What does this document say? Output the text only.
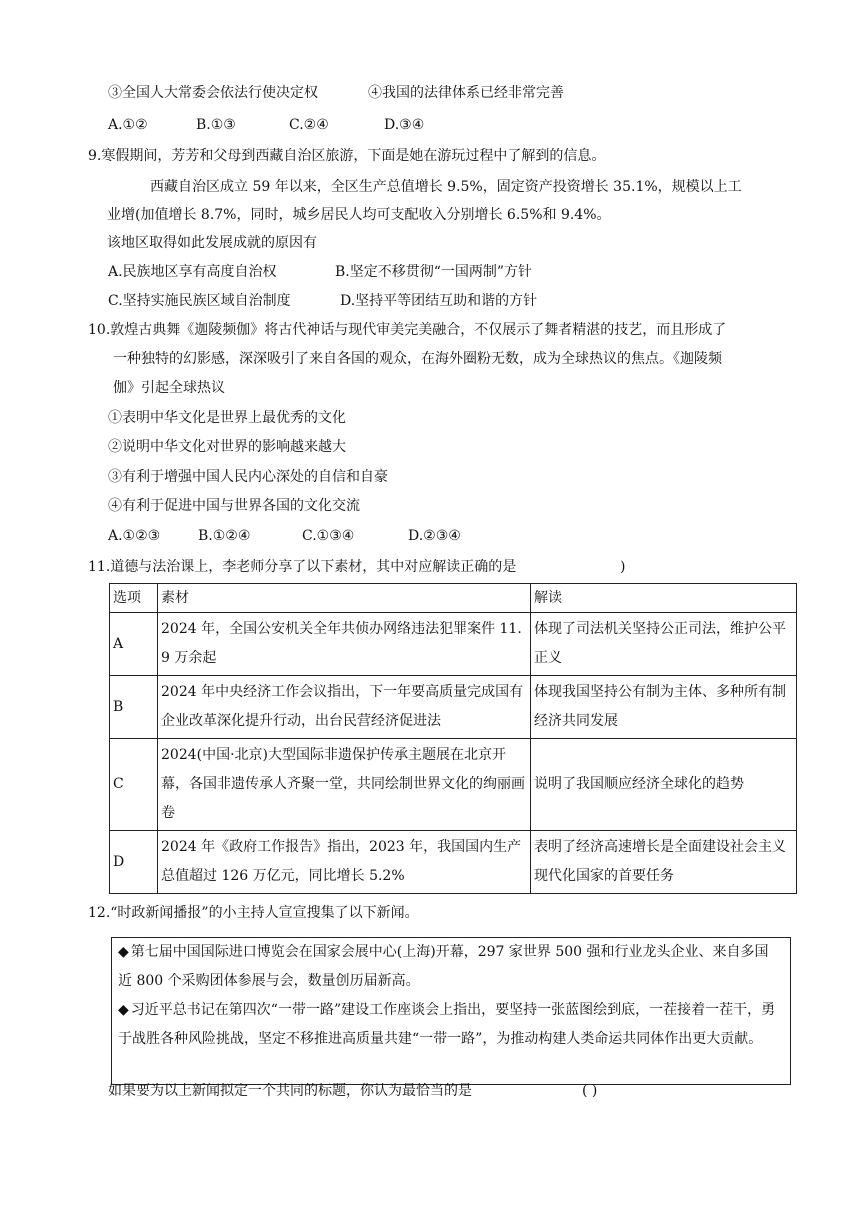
③全国人大常委会依法行使决定权	④我国的法律体系已经非常完善
A.①②	B.①③	C.②④	D.③④
9.寒假期间，芳芳和父母到西藏自治区旅游，下面是她在游玩过程中了解到的信息。
西藏自治区成立 59 年以来，全区生产总值增长 9.5%，固定资产投资增长 35.1%，规模以上工
业增(加值增长 8.7%，同时，城乡居民人均可支配收入分别增长 6.5%和 9.4%。
该地区取得如此发展成就的原因有
A.民族地区享有高度自治权	B.坚定不移贯彻“一国两制”方针
C.坚持实施民族区域自治制度	D.坚持平等团结互助和谐的方针
10.敦煌古典舞《迦陵频伽》将古代神话与现代审美完美融合，不仅展示了舞者精湛的技艺，而且形成了
一种独特的幻影感，深深吸引了来自各国的观众，在海外圈粉无数，成为全球热议的焦点。《迦陵频
伽》引起全球热议
①表明中华文化是世界上最优秀的文化
②说明中华文化对世界的影响越来越大
③有利于增强中国人民内心深处的自信和自豪
④有利于促进中国与世界各国的文化交流
A.①②③	B.①②④	C.①③④	D.②③④
11.道德与法治课上，李老师分享了以下素材，其中对应解读正确的是	)
选项	素材	解读
A	2024 年，全国公安机关全年共侦办网络违法犯罪案件 11.9 万余起	体现了司法机关坚持公正司法，维护公平正义
B	2024 年中央经济工作会议指出，下一年要高质量完成国有企业改革深化提升行动，出台民营经济促进法	体现我国坚持公有制为主体、多种所有制经济共同发展
C	2024(中国·北京)大型国际非遗保护传承主题展在北京开幕，各国非遗传承人齐聚一堂，共同绘制世界文化的绚丽画卷	说明了我国顺应经济全球化的趋势
D	2024 年《政府工作报告》指出，2023 年，我国国内生产总值超过 126 万亿元，同比增长 5.2%	表明了经济高速增长是全面建设社会主义现代化国家的首要任务
12.“时政新闻播报”的小主持人宣宣搜集了以下新闻。
◆ 第七届中国国际进口博览会在国家会展中心(上海)开幕，297 家世界 500 强和行业龙头企业、来自多国近 800 个采购团体参展与会，数量创历届新高。
◆ 习近平总书记在第四次“一带一路”建设工作座谈会上指出，要坚持一张蓝图绘到底，一茬接着一茬干，勇于战胜各种风险挑战，坚定不移推进高质量共建“一带一路”，为推动构建人类命运共同体作出更大贡献。
如果要为以上新闻拟定一个共同的标题，你认为最恰当的是	( )
